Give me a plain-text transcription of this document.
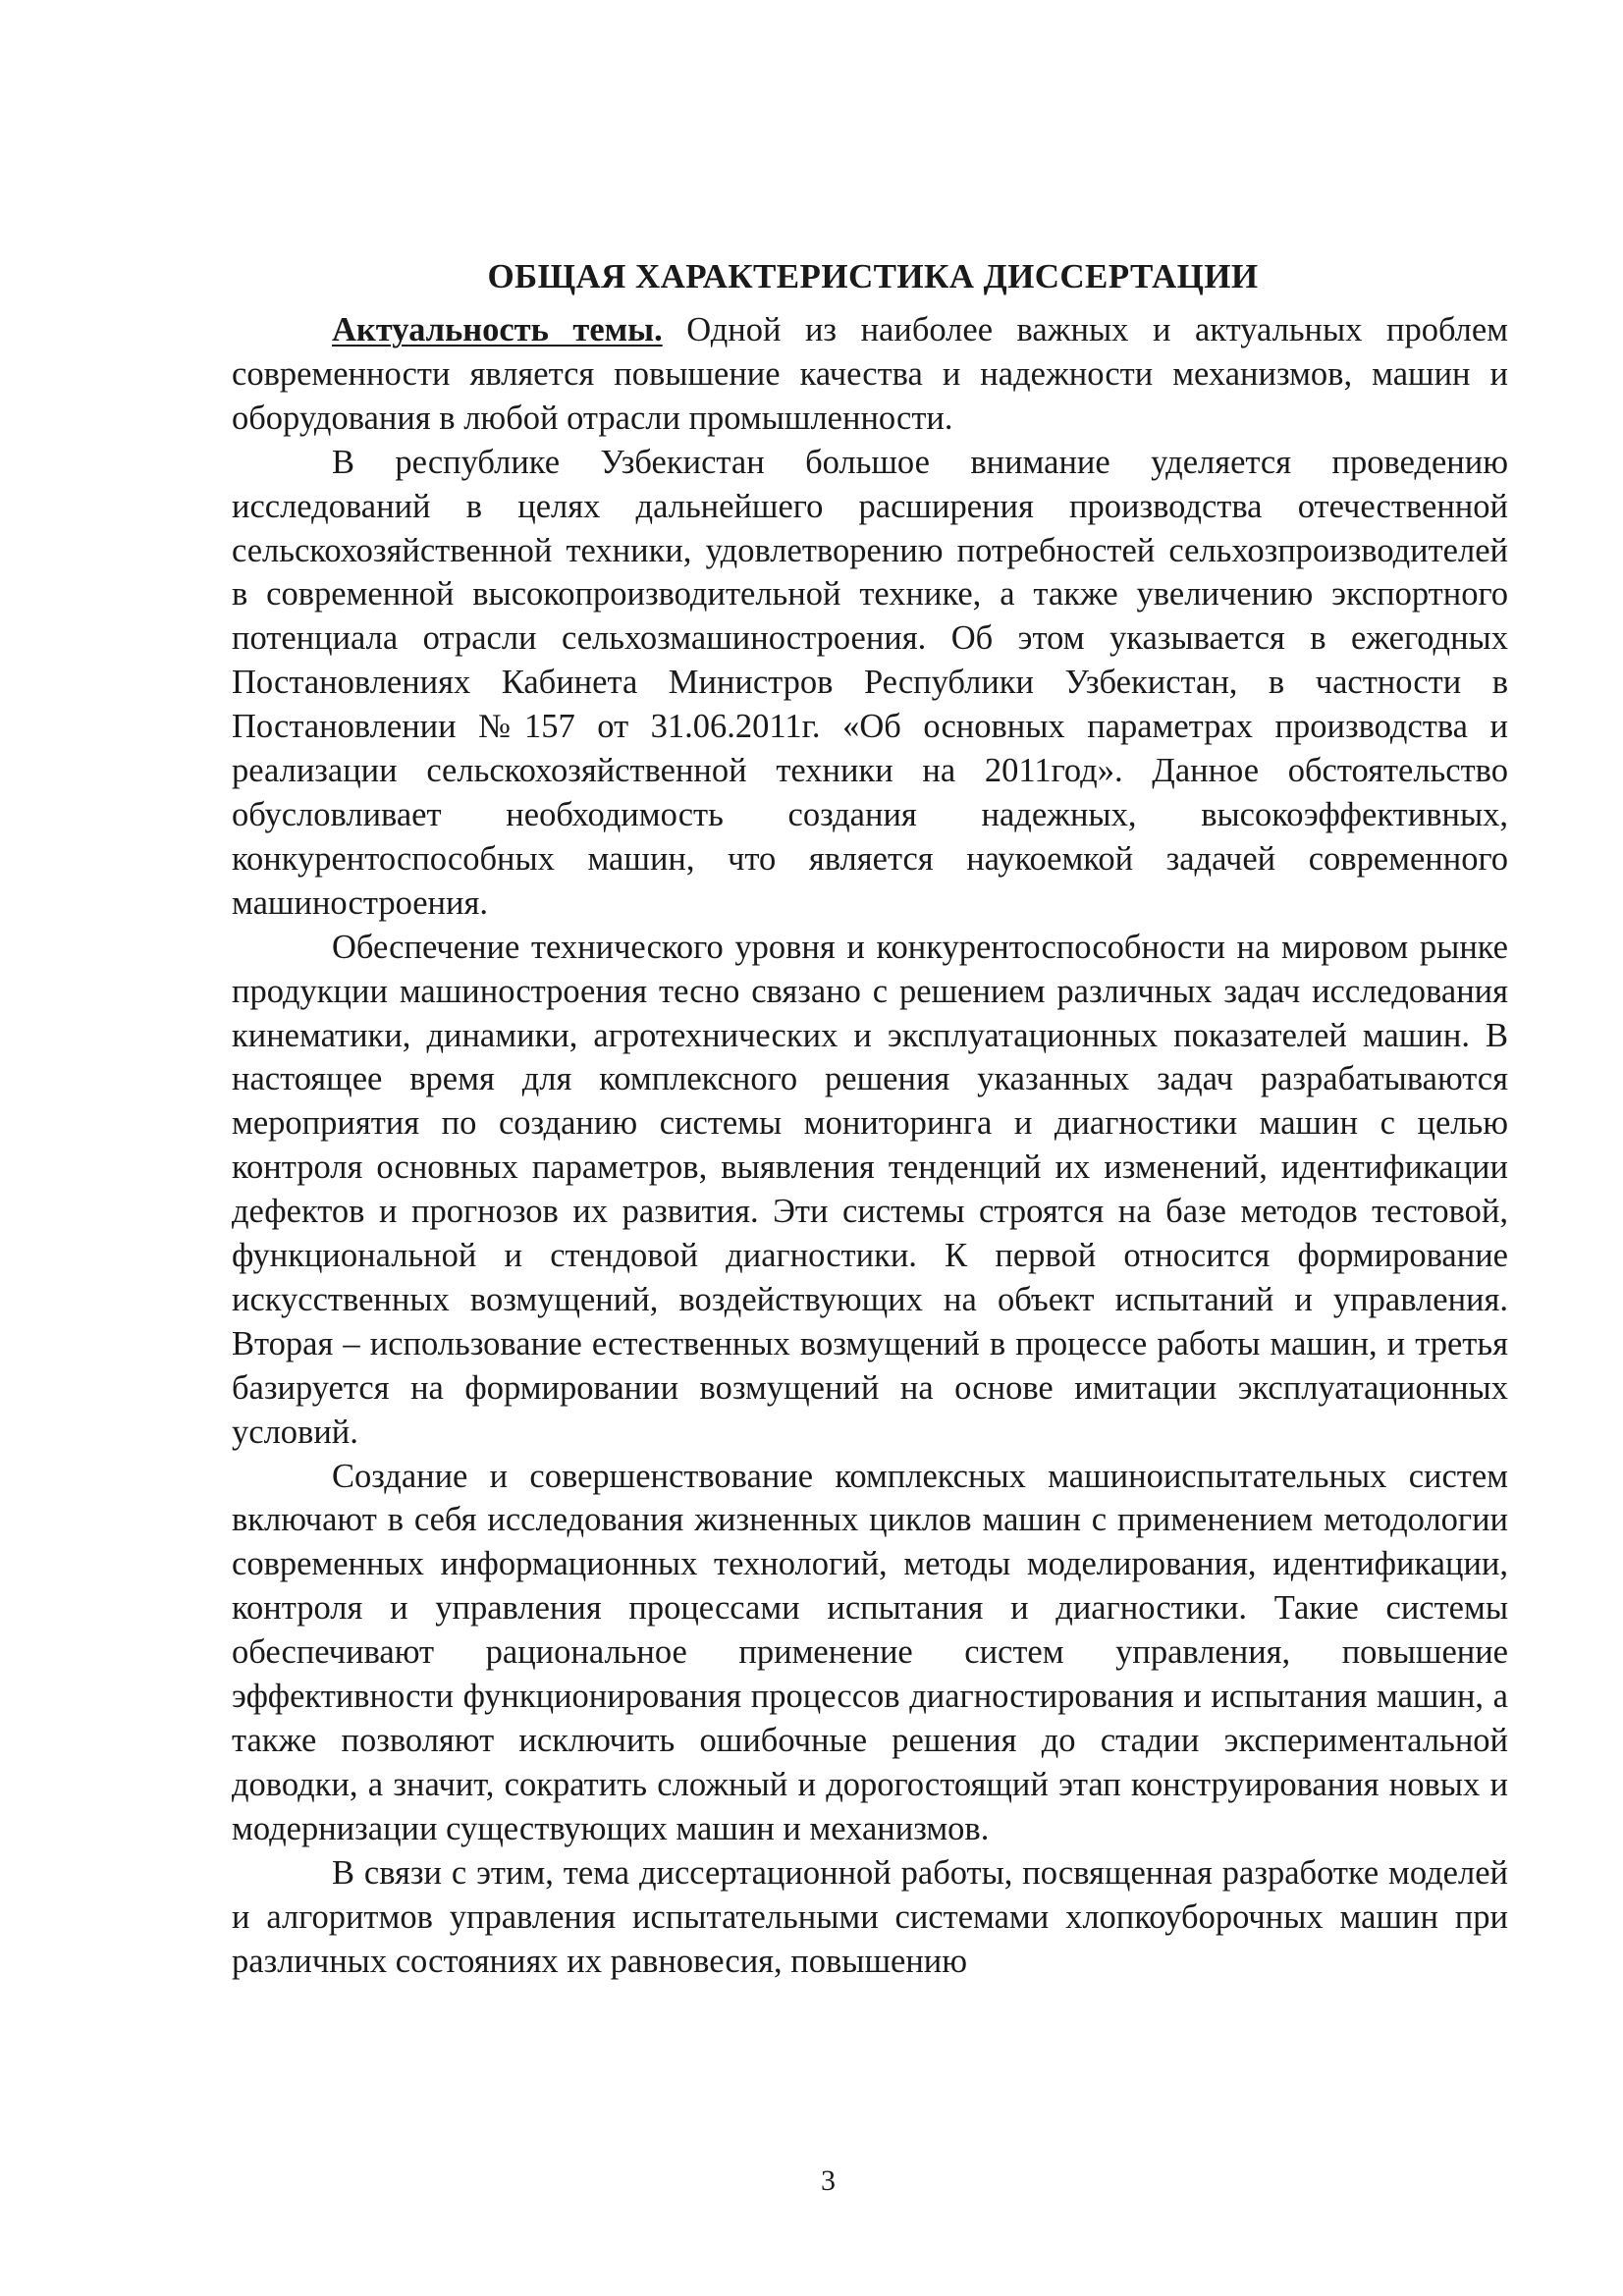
ОБЩАЯ ХАРАКТЕРИСТИКА ДИССЕРТАЦИИ

Актуальность темы. Одной из наиболее важных и актуальных проблем современности является повышение качества и надежности механизмов, машин и оборудования в любой отрасли промышленности.

В республике Узбекистан большое внимание уделяется проведению исследований в целях дальнейшего расширения производства отечественной сельскохозяйственной техники, удовлетворению потребностей сельхозпроизводителей в современной высокопроизводительной технике, а также увеличению экспортного потенциала отрасли сельхозмашиностроения. Об этом указывается в ежегодных Постановлениях Кабинета Министров Республики Узбекистан, в частности в Постановлении №157 от 31.06.2011г. «Об основных параметрах производства и реализации сельскохозяйственной техники на 2011год». Данное обстоятельство обусловливает необходимость создания надежных, высокоэффективных, конкурентоспособных машин, что является наукоемкой задачей современного машиностроения.

Обеспечение технического уровня и конкурентоспособности на мировом рынке продукции машиностроения тесно связано с решением различных задач исследования кинематики, динамики, агротехнических и эксплуатационных показателей машин. В настоящее время для комплексного решения указанных задач разрабатываются мероприятия по созданию системы мониторинга и диагностики машин с целью контроля основных параметров, выявления тенденций их изменений, идентификации дефектов и прогнозов их развития. Эти системы строятся на базе методов тестовой, функциональной и стендовой диагностики. К первой относится формирование искусственных возмущений, воздействующих на объект испытаний и управления. Вторая – использование естественных возмущений в процессе работы машин, и третья базируется на формировании возмущений на основе имитации эксплуатационных условий.

Создание и совершенствование комплексных машиноиспытательных систем включают в себя исследования жизненных циклов машин с применением методологии современных информационных технологий, методы моделирования, идентификации, контроля и управления процессами испытания и диагностики. Такие системы обеспечивают рациональное применение систем управления, повышение эффективности функционирования процессов диагностирования и испытания машин, а также позволяют исключить ошибочные решения до стадии экспериментальной доводки, а значит, сократить сложный и дорогостоящий этап конструирования новых и модернизации существующих машин и механизмов.

В связи с этим, тема диссертационной работы, посвященная разработке моделей и алгоритмов управления испытательными системами хлопкоуборочных машин при различных состояниях их равновесия, повышению

3
